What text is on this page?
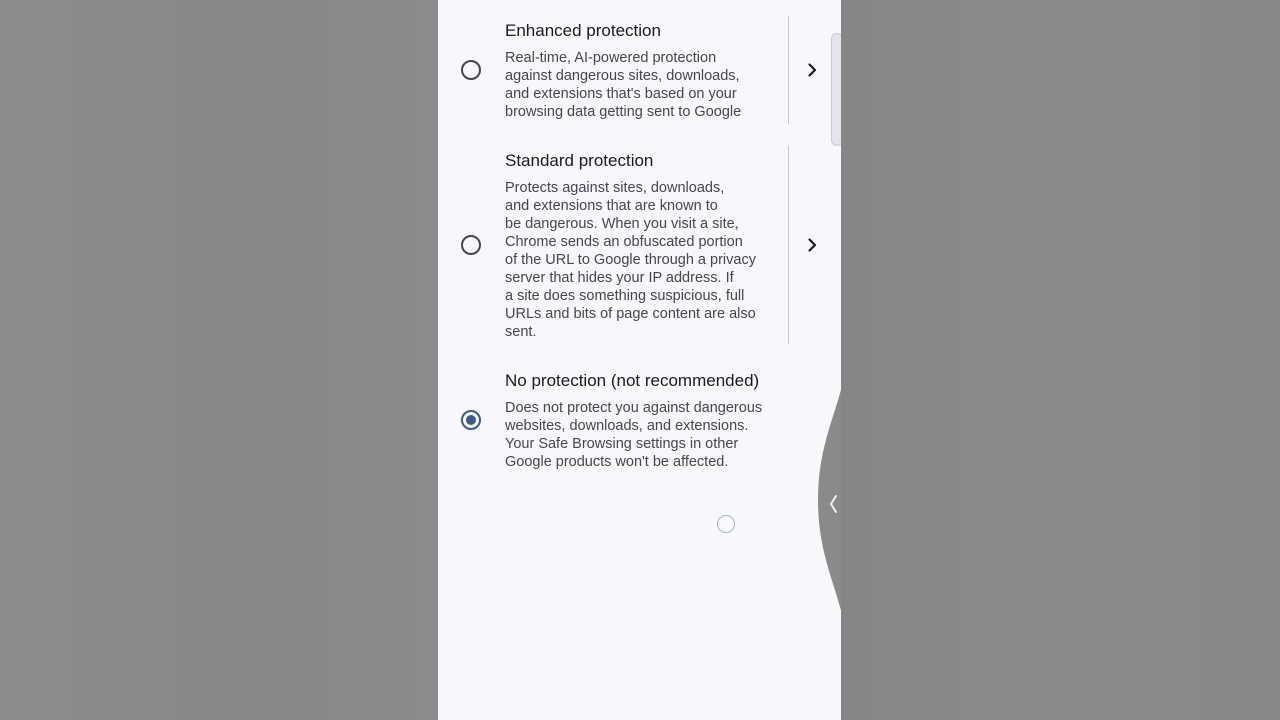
Enhanced protection
Real-time, AI-powered protection
against dangerous sites, downloads,
and extensions that's based on your
browsing data getting sent to Google
Standard protection
Protects against sites, downloads,
and extensions that are known to
be dangerous. When you visit a site,
Chrome sends an obfuscated portion
of the URL to Google through a privacy
server that hides your IP address. If
a site does something suspicious, full
URLs and bits of page content are also
sent.
No protection (not recommended)
Does not protect you against dangerous
websites, downloads, and extensions.
Your Safe Browsing settings in other
Google products won't be affected.
